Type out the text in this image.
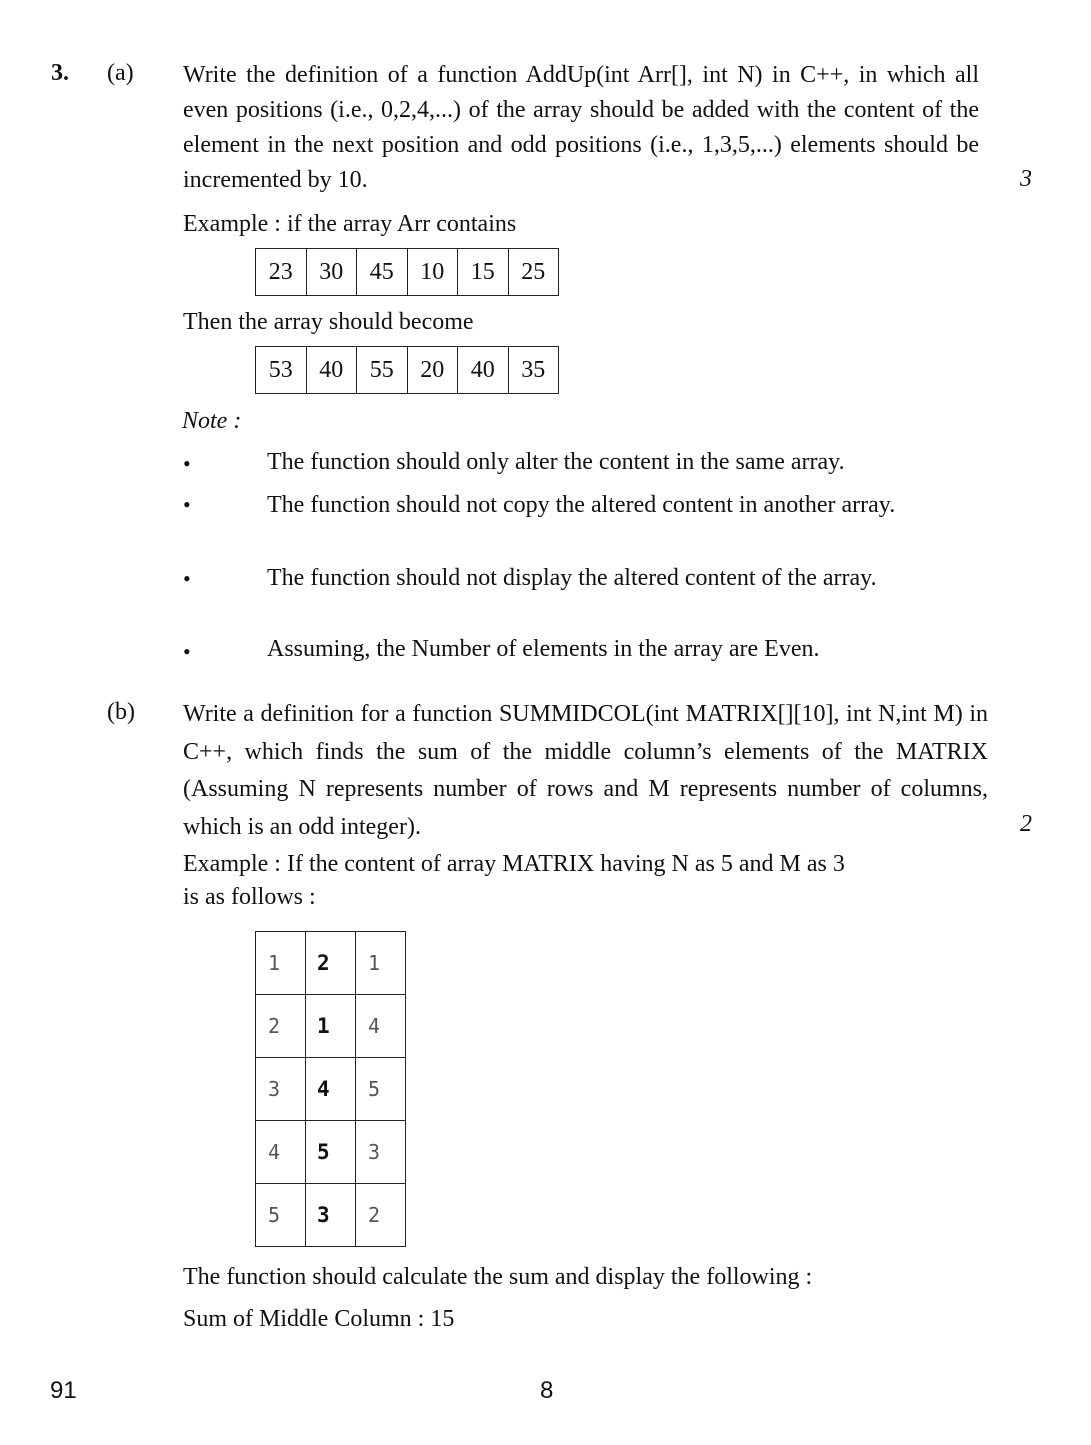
3. (a) Write the definition of a function AddUp(int Arr[], int N) in C++, in which all even positions (i.e., 0,2,4,...) of the array should be added with the content of the element in the next position and odd positions (i.e., 1,3,5,...) elements should be incremented by 10.	3
Example : if the array Arr contains
23	30	45	10	15	25
Then the array should become
53	40	55	20	40	35
Note :
•	The function should only alter the content in the same array.
•	The function should not copy the altered content in another array.
•	The function should not display the altered content of the array.
•	Assuming, the Number of elements in the array are Even.
(b) Write a definition for a function SUMMIDCOL(int MATRIX[][10], int N,int M) in C++, which finds the sum of the middle column’s elements of the MATRIX (Assuming N represents number of rows and M represents number of columns, which is an odd integer).	2
Example : If the content of array MATRIX having N as 5 and M as 3
is as follows :
1	2	1
2	1	4
3	4	5
4	5	3
5	3	2
The function should calculate the sum and display the following :
Sum of Middle Column : 15
91	8
